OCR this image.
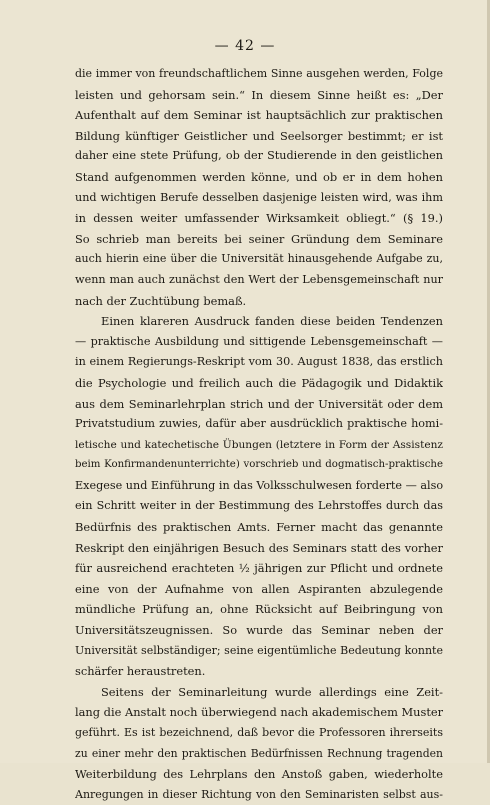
— 42 —
die immer von freundschaftlichem Sinne ausgehen werden, Folge
leisten und gehorsam sein.“ In diesem Sinne heißt es: „Der
Aufenthalt auf dem Seminar ist hauptsächlich zur praktischen
Bildung künftiger Geistlicher und Seelsorger bestimmt; er ist
daher eine stete Prüfung, ob der Studierende in den geistlichen
Stand aufgenommen werden könne, und ob er in dem hohen
und wichtigen Berufe desselben dasjenige leisten wird, was ihm
in dessen weiter umfassender Wirksamkeit obliegt.“ (§ 19.)
So schrieb man bereits bei seiner Gründung dem Seminare
auch hierin eine über die Universität hinausgehende Aufgabe zu,
wenn man auch zunächst den Wert der Lebensgemeinschaft nur
nach der Zuchtübung bemaß.
Einen klareren Ausdruck fanden diese beiden Tendenzen
— praktische Ausbildung und sittigende Lebensgemeinschaft —
in einem Regierungs-Reskript vom 30. August 1838, das erstlich
die Psychologie und freilich auch die Pädagogik und Didaktik
aus dem Seminarlehrplan strich und der Universität oder dem
Privatstudium zuwies, dafür aber ausdrücklich praktische homi-
letische und katechetische Übungen (letztere in Form der Assistenz
beim Konfirmandenunterrichte) vorschrieb und dogmatisch-praktische
Exegese und Einführung in das Volksschulwesen forderte — also
ein Schritt weiter in der Bestimmung des Lehrstoffes durch das
Bedürfnis des praktischen Amts. Ferner macht das genannte
Reskript den einjährigen Besuch des Seminars statt des vorher
für ausreichend erachteten ½ jährigen zur Pflicht und ordnete
eine von der Aufnahme von allen Aspiranten abzulegende
mündliche Prüfung an, ohne Rücksicht auf Beibringung von
Universitätszeugnissen. So wurde das Seminar neben der
Universität selbständiger; seine eigentümliche Bedeutung konnte
schärfer heraustreten.
Seitens der Seminarleitung wurde allerdings eine Zeit-
lang die Anstalt noch überwiegend nach akademischem Muster
geführt. Es ist bezeichnend, daß bevor die Professoren ihrerseits
zu einer mehr den praktischen Bedürfnissen Rechnung tragenden
Weiterbildung des Lehrplans den Anstoß gaben, wiederholte
Anregungen in dieser Richtung von den Seminaristen selbst aus-
